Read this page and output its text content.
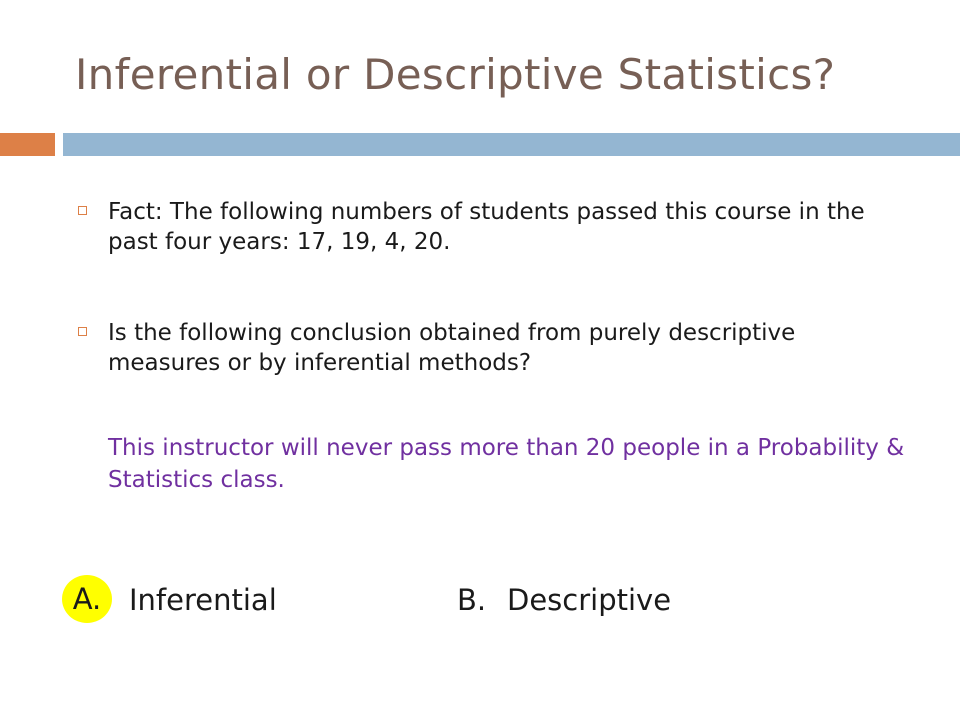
Inferential or Descriptive Statistics?
Fact: The following numbers of students passed this course in the past four years: 17, 19, 4, 20.
Is the following conclusion obtained from purely descriptive measures or by inferential methods?
This instructor will never pass more than 20 people in a Probability & Statistics class.
A. Inferential	B. Descriptive
